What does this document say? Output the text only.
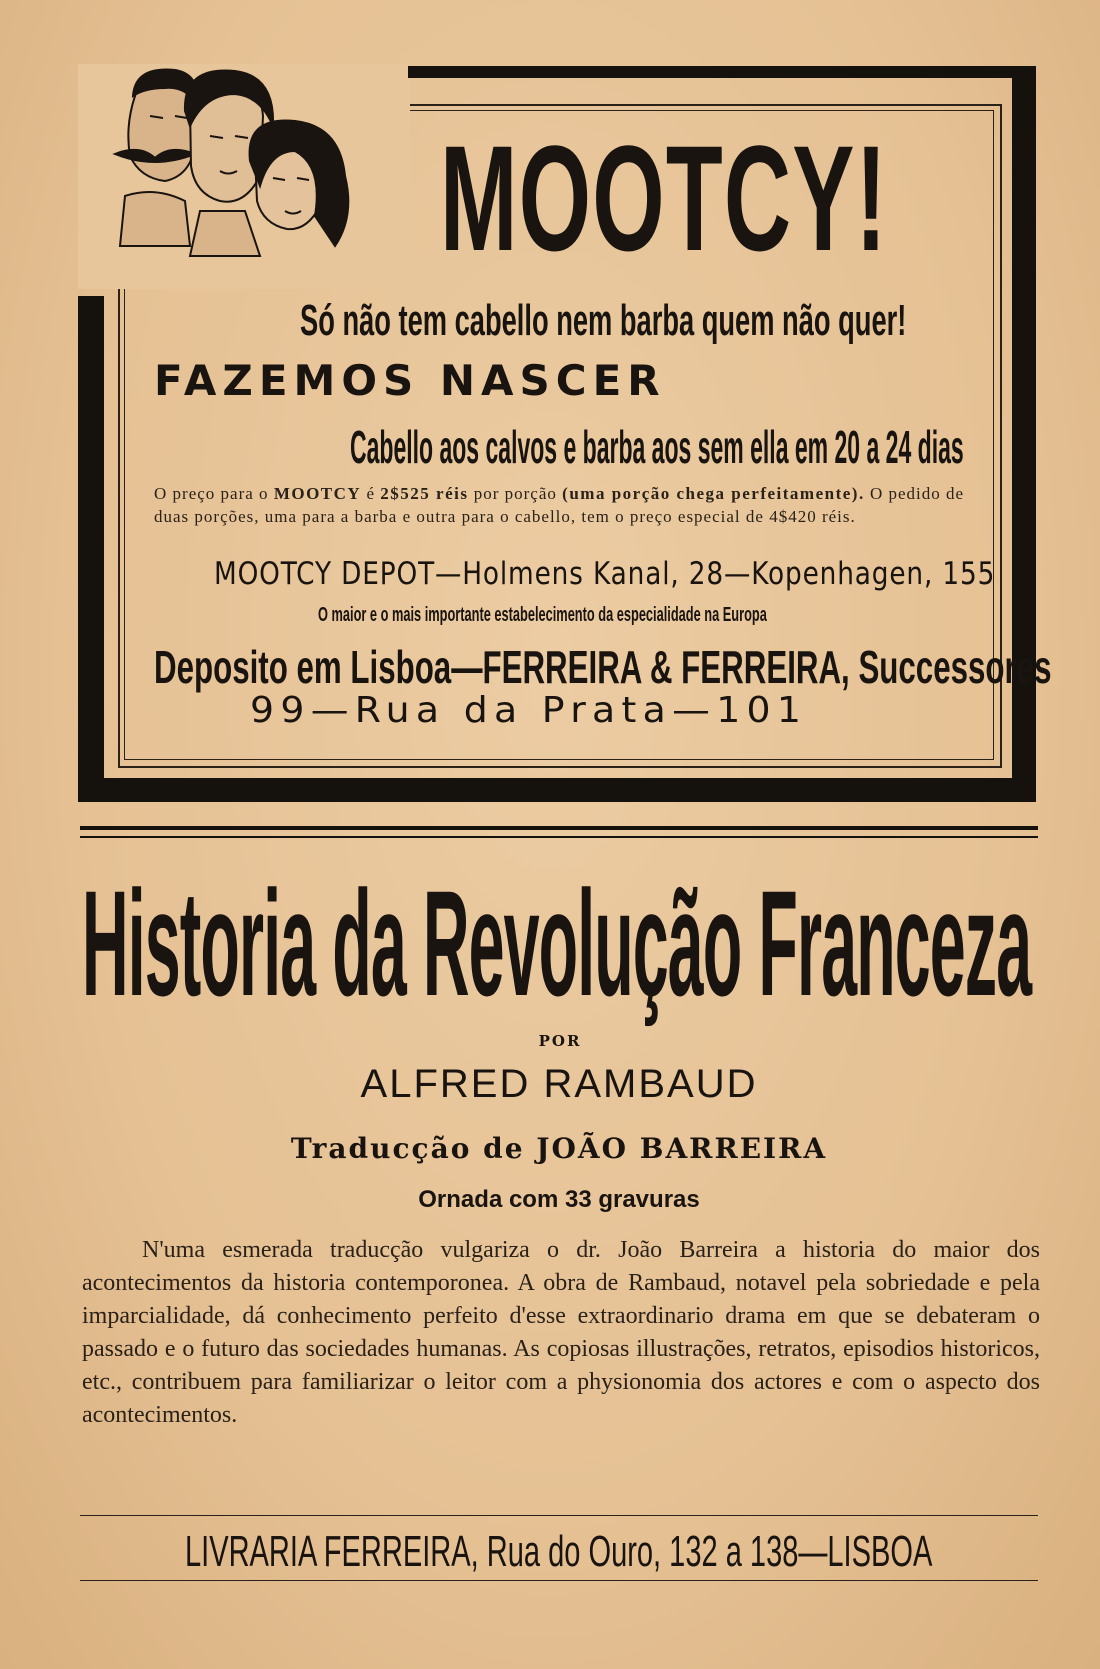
MOOTCY!
Só não tem cabello nem barba quem não quer!
FAZEMOS NASCER
Cabello aos calvos e barba aos sem ella em 20 a 24 dias
O preço para o MOOTCY é 2$525 réis por porção (uma porção chega perfeitamente). O pedido de duas porções, uma para a barba e outra para o cabello, tem o preço especial de 4$420 réis.
MOOTCY DEPOT—Holmens Kanal, 28—Kopenhagen, 155
O maior e o mais importante estabelecimento da especialidade na Europa
Deposito em Lisboa—FERREIRA & FERREIRA, Successores
99—Rua da Prata—101
Historia da Revolução Franceza
POR
ALFRED RAMBAUD
Traducção de JOÃO BARREIRA
Ornada com 33 gravuras
N'uma esmerada traducção vulgariza o dr. João Barreira a historia do maior dos acontecimentos da historia contemporonea. A obra de Rambaud, notavel pela sobriedade e pela imparcialidade, dá conhecimento perfeito d'esse extraordinario drama em que se debateram o passado e o futuro das sociedades humanas. As copiosas illustrações, retratos, episodios historicos, etc., contribuem para familiarizar o leitor com a physionomia dos actores e com o aspecto dos acontecimentos.
LIVRARIA FERREIRA, Rua do Ouro, 132 a 138—LISBOA
